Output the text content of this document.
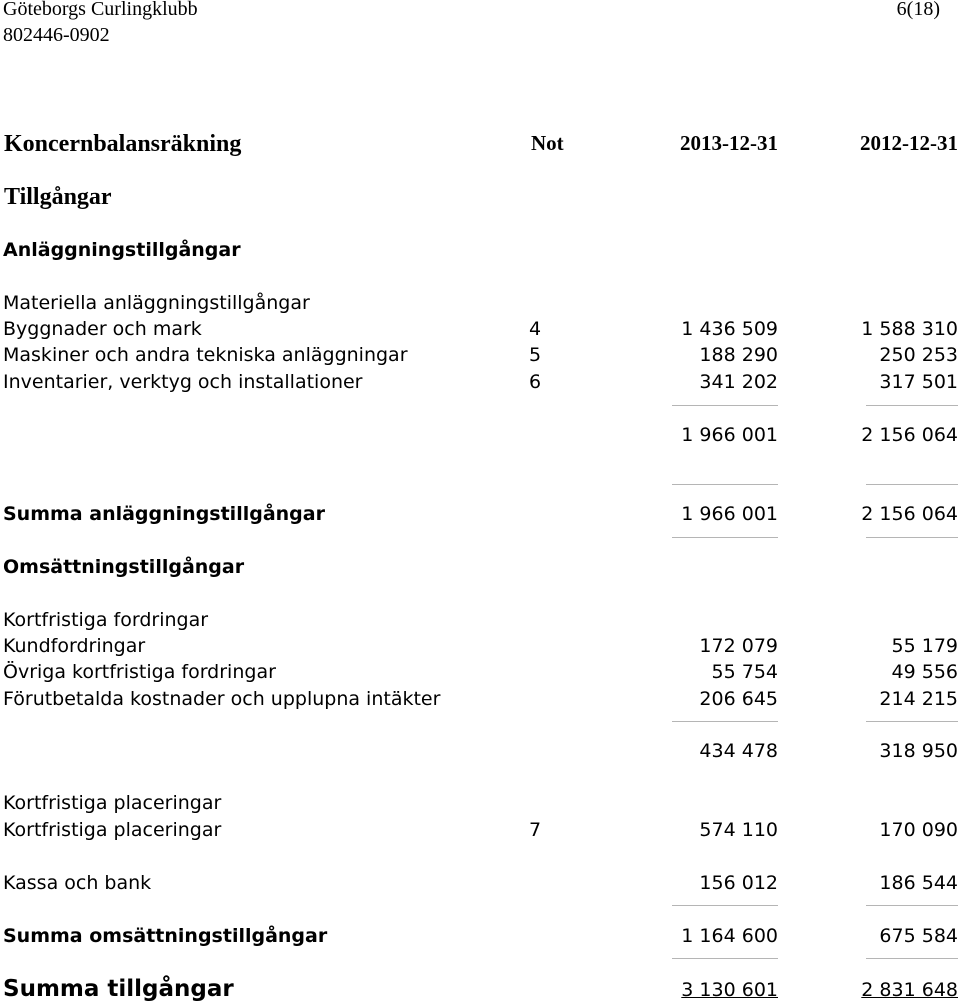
Göteborgs Curlingklubb
802446-0902
6(18)
Koncernbalansräkning	Not	2013-12-31	2012-12-31
Tillgångar
Anläggningstillgångar
Materiella anläggningstillgångar
Byggnader och mark	4	1 436 509	1 588 310
Maskiner och andra tekniska anläggningar	5	188 290	250 253
Inventarier, verktyg och installationer	6	341 202	317 501
1 966 001	2 156 064
Summa anläggningstillgångar	1 966 001	2 156 064
Omsättningstillgångar
Kortfristiga fordringar
Kundfordringar	172 079	55 179
Övriga kortfristiga fordringar	55 754	49 556
Förutbetalda kostnader och upplupna intäkter	206 645	214 215
434 478	318 950
Kortfristiga placeringar
Kortfristiga placeringar	7	574 110	170 090
Kassa och bank	156 012	186 544
Summa omsättningstillgångar	1 164 600	675 584
Summa tillgångar	3 130 601	2 831 648
